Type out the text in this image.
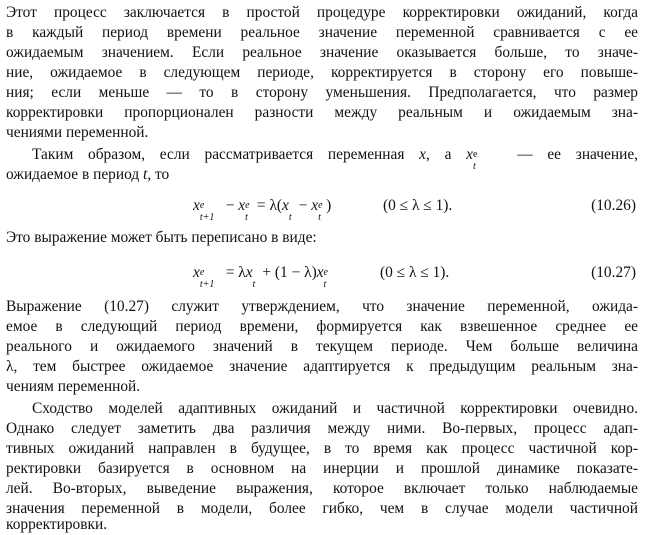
Этот процесс заключается в простой процедуре корректировки ожиданий, когда
в каждый период времени реальное значение переменной сравнивается с ее
ожидаемым значением. Если реальное значение оказывается больше, то значе-
ние, ожидаемое в следующем периоде, корректируется в сторону его повыше-
ния; если меньше — то в сторону уменьшения. Предполагается, что размер
корректировки пропорционален разности между реальным и ожидаемым зна-
чениями переменной.
Таким образом, если рассматривается переменная x, а x e
t
— ее значение,
ожидаемое в период t, то
x e
t+1
− x e
t
= λ(x
t
− x e
t
)	(0 ≤ λ ≤ 1).	(10.26)
Это выражение может быть переписано в виде:
x e
t+1
= λx
t
+ (1 − λ)x e
t
(0 ≤ λ ≤ 1).	(10.27)
Выражение (10.27) служит утверждением, что значение переменной, ожида-
емое в следующий период времени, формируется как взвешенное среднее ее
реального и ожидаемого значений в текущем периоде. Чем больше величина
λ, тем быстрее ожидаемое значение адаптируется к предыдущим реальным зна-
чениям переменной.
Сходство моделей адаптивных ожиданий и частичной корректировки очевидно.
Однако следует заметить два различия между ними. Во-первых, процесс адап-
тивных ожиданий направлен в будущее, в то время как процесс частичной кор-
ректировки базируется в основном на инерции и прошлой динамике показате-
лей. Во-вторых, выведение выражения, которое включает только наблюдаемые
значения переменной в модели, более гибко, чем в случае модели частичной
корректировки.
